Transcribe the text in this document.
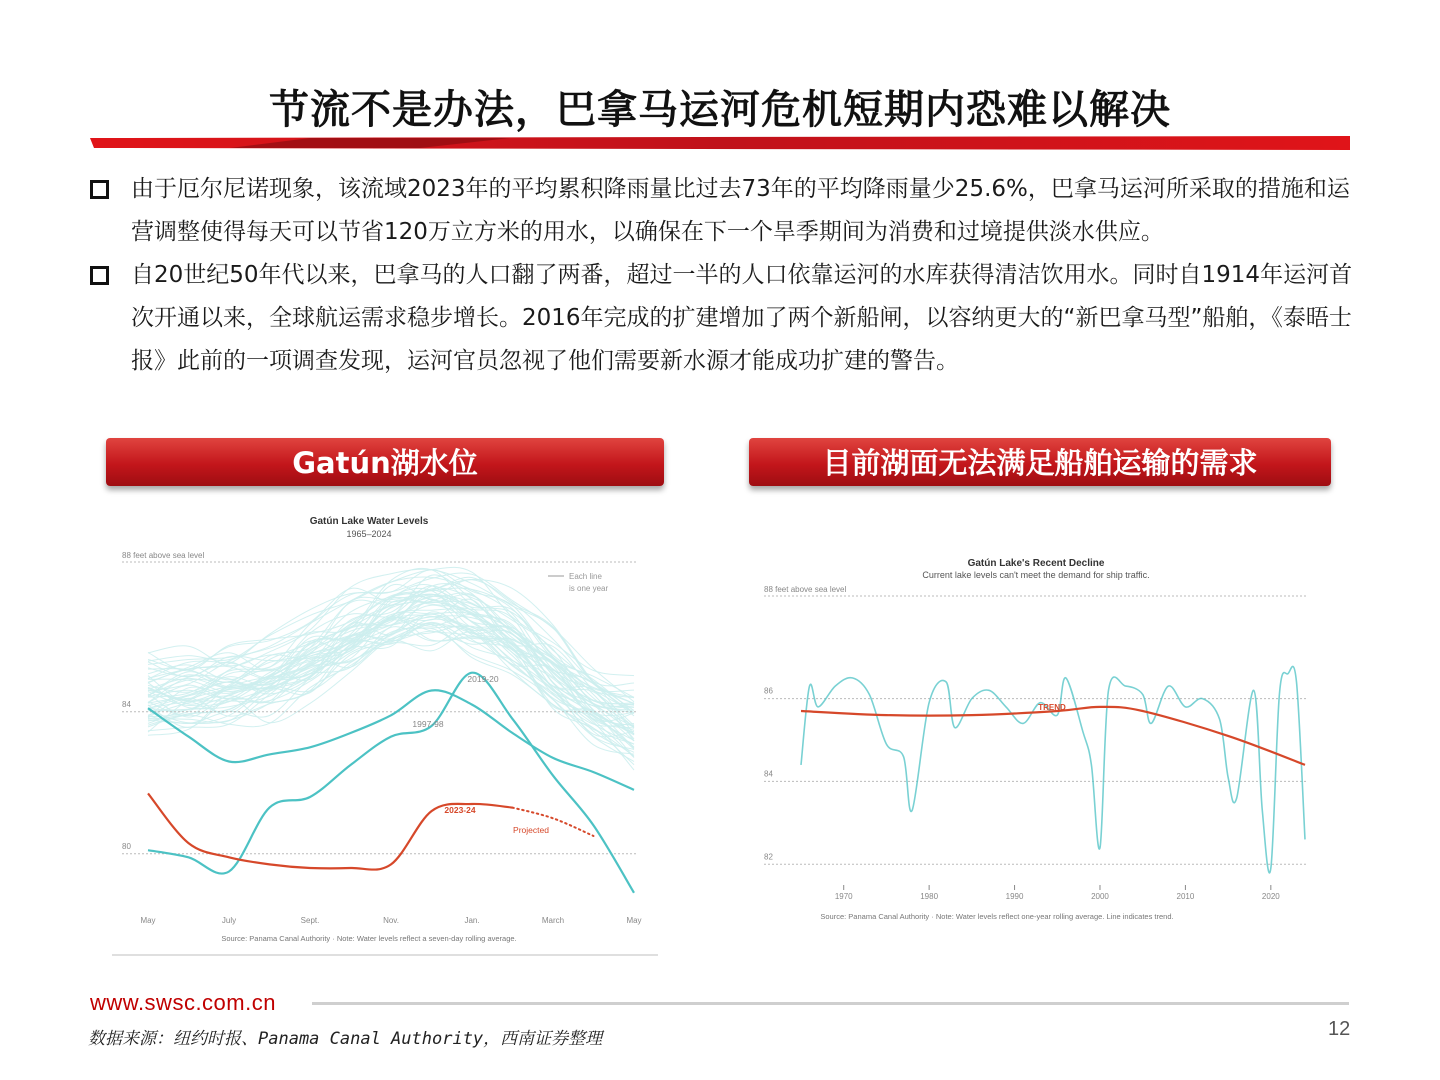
节流不是办法，巴拿马运河危机短期内恐难以解决
由于厄尔尼诺现象，该流域2023年的平均累积降雨量比过去73年的平均降雨量少25.6%，巴拿马运河所采取的措施和运营调整使得每天可以节省120万立方米的用水，以确保在下一个旱季期间为消费和过境提供淡水供应。
自20世纪50年代以来，巴拿马的人口翻了两番，超过一半的人口依靠运河的水库获得清洁饮用水。同时自1914年运河首次开通以来，全球航运需求稳步增长。2016年完成的扩建增加了两个新船闸，以容纳更大的“新巴拿马型”船舶，《泰晤士报》此前的一项调查发现，运河官员忽视了他们需要新水源才能成功扩建的警告。
Gatún湖水位	目前湖面无法满足船舶运输的需求
Gatún Lake Water Levels
1965–2024
88 feet above sea level
Each line
is one year
84
80
May	July	Sept.	Nov.	Jan.	March	May
2019-20
1997-98
2023-24
Projected
Source: Panama Canal Authority · Note: Water levels reflect a seven-day rolling average.
Gatún Lake's Recent Decline
Current lake levels can't meet the demand for ship traffic.
88 feet above sea level
86
84
82
1970	1980	1990	2000	2010	2020
TREND
Source: Panama Canal Authority · Note: Water levels reflect one-year rolling average. Line indicates trend.
www.swsc.com.cn
数据来源：纽约时报、Panama Canal Authority，西南证券整理	12
